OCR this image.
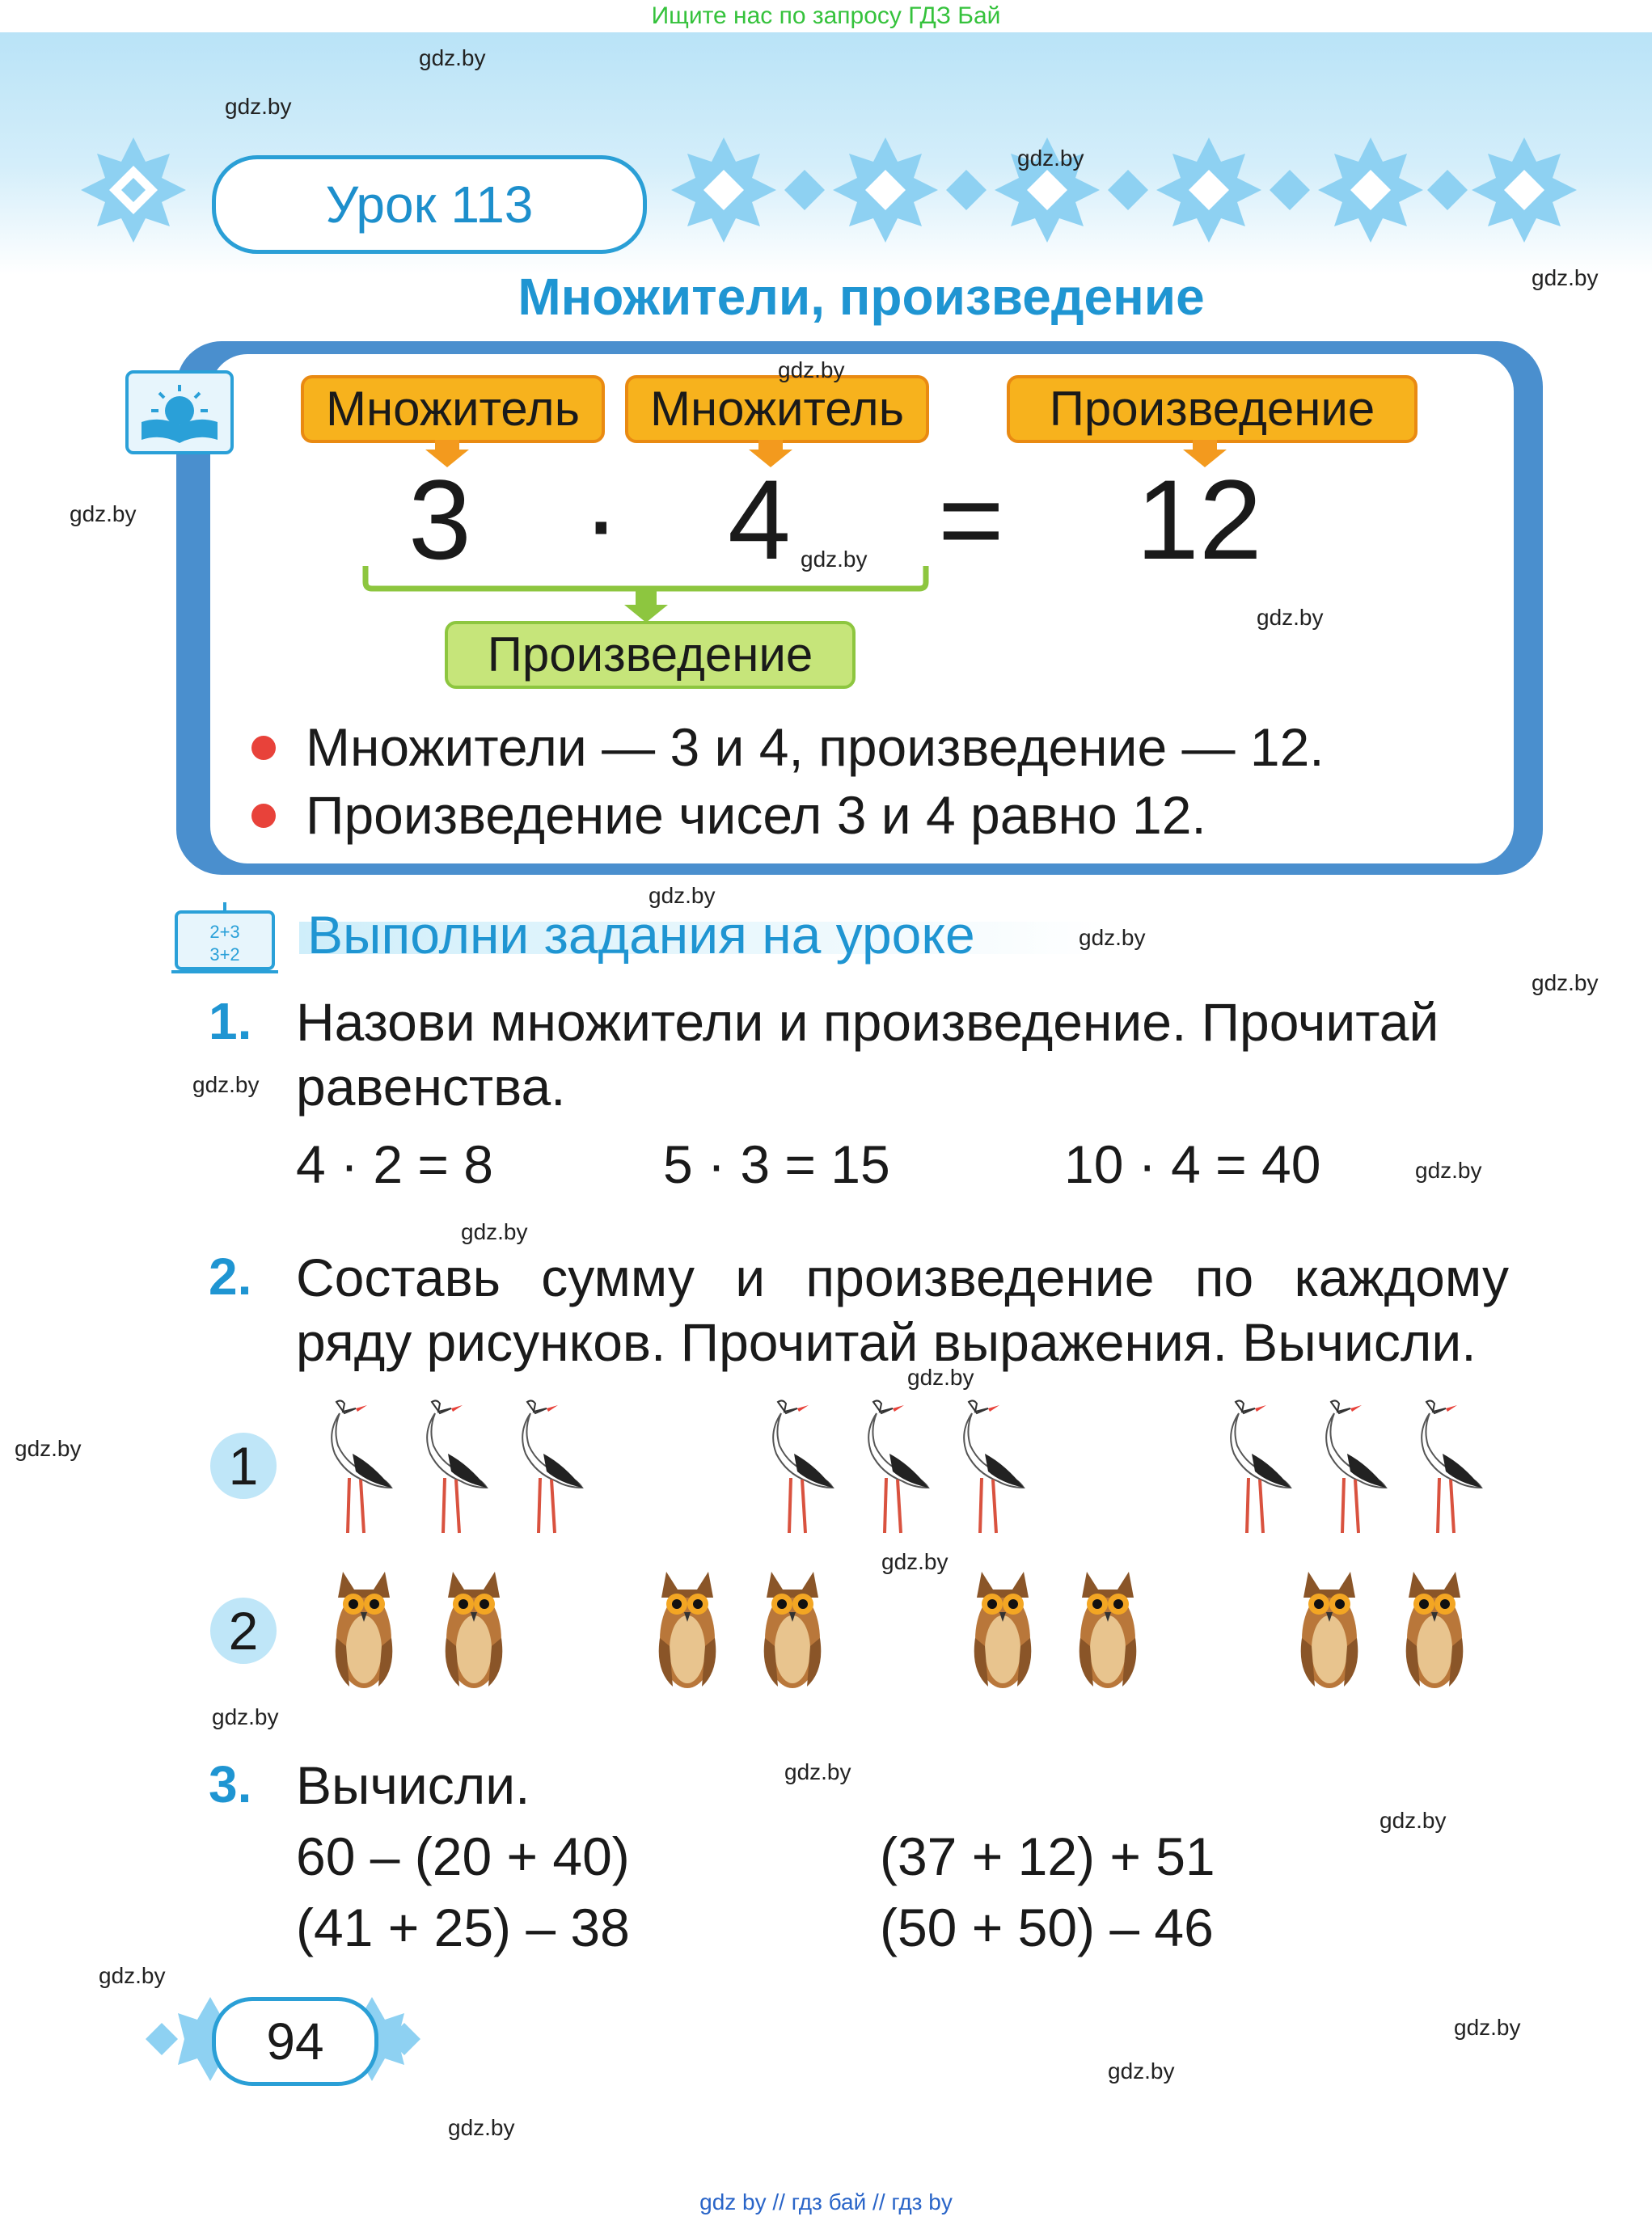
Ищите нас по запросу ГДЗ Бай
Урок 113
Множители, произведение
Множитель	Множитель	Произведение
3 · 4 = 12
Произведение
Множители — 3 и 4, произведение — 12.
Произведение чисел 3 и 4 равно 12.
2+3
3+2 Выполни задания на уроке
1. Назови множители и произведение. Прочитай
равенства.
4 · 2 = 8	5 · 3 = 15	10 · 4 = 40
2. Составь сумму и произведение по каждому
ряду рисунков. Прочитай выражения. Вычисли.
1
2
3. Вычисли.
60 – (20 + 40)	(37 + 12) + 51
(41 + 25) – 38	(50 + 50) – 46
94
gdz.by
gdz.by
gdz.by
gdz.by
gdz.by
gdz.by
gdz.by
gdz.by
gdz.by
gdz.by
gdz.by
gdz.by
gdz.by
gdz.by
gdz.by
gdz.by
gdz.by
gdz.by
gdz.by
gdz.by
gdz.by
gdz.by
gdz.by
gdz.by
gdz by // гдз бай // гдз by
